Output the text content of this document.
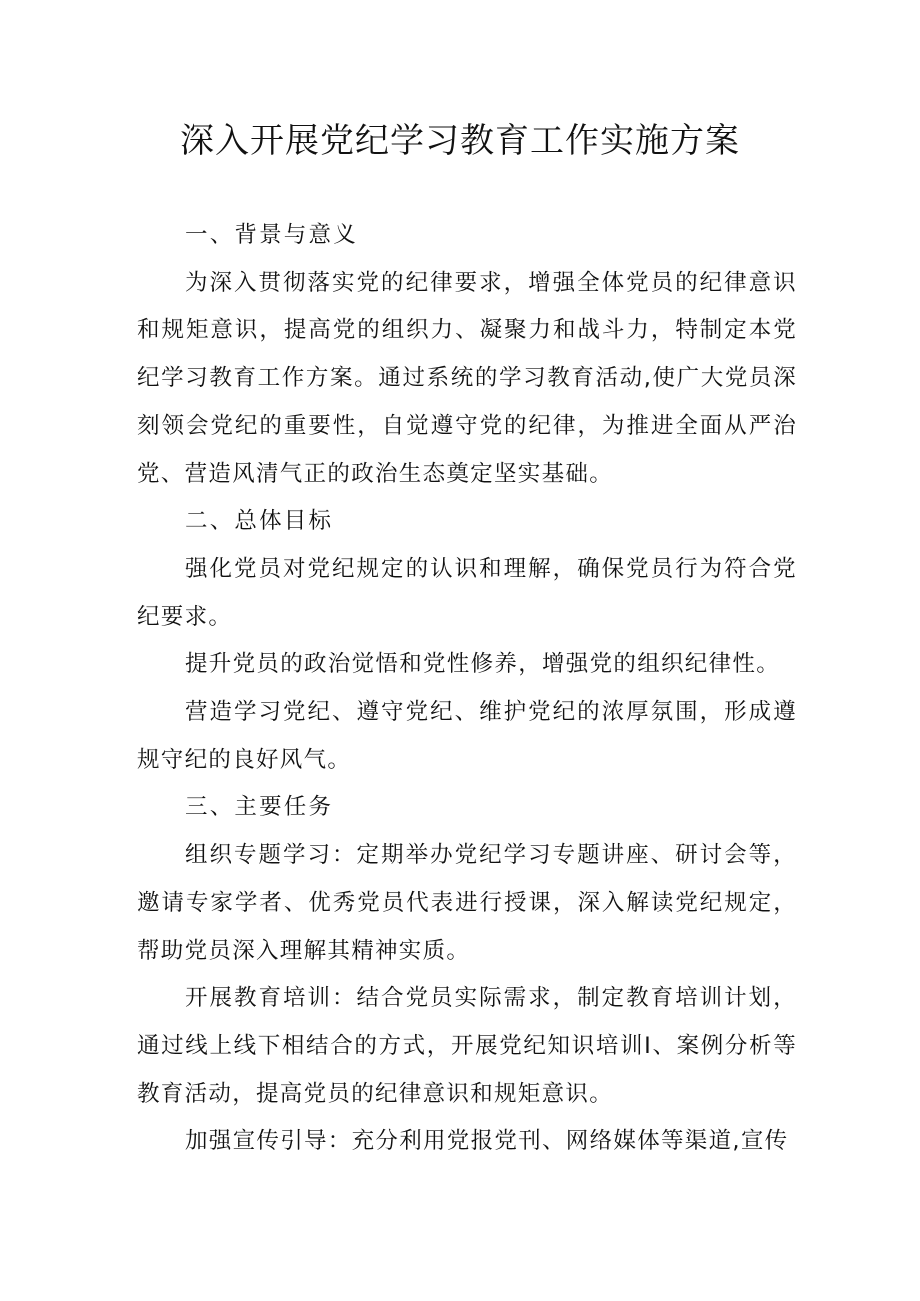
深入开展党纪学习教育工作实施方案

一、背景与意义

为深入贯彻落实党的纪律要求，增强全体党员的纪律意识和规矩意识，提高党的组织力、凝聚力和战斗力，特制定本党纪学习教育工作方案。通过系统的学习教育活动,使广大党员深刻领会党纪的重要性，自觉遵守党的纪律，为推进全面从严治党、营造风清气正的政治生态奠定坚实基础。

二、总体目标

强化党员对党纪规定的认识和理解，确保党员行为符合党纪要求。

提升党员的政治觉悟和党性修养，增强党的组织纪律性。

营造学习党纪、遵守党纪、维护党纪的浓厚氛围，形成遵规守纪的良好风气。

三、主要任务

组织专题学习：定期举办党纪学习专题讲座、研讨会等，邀请专家学者、优秀党员代表进行授课，深入解读党纪规定，帮助党员深入理解其精神实质。

开展教育培训：结合党员实际需求，制定教育培训计划，通过线上线下相结合的方式，开展党纪知识培训I、案例分析等教育活动，提高党员的纪律意识和规矩意识。

加强宣传引导：充分利用党报党刊、网络媒体等渠道,宣传
